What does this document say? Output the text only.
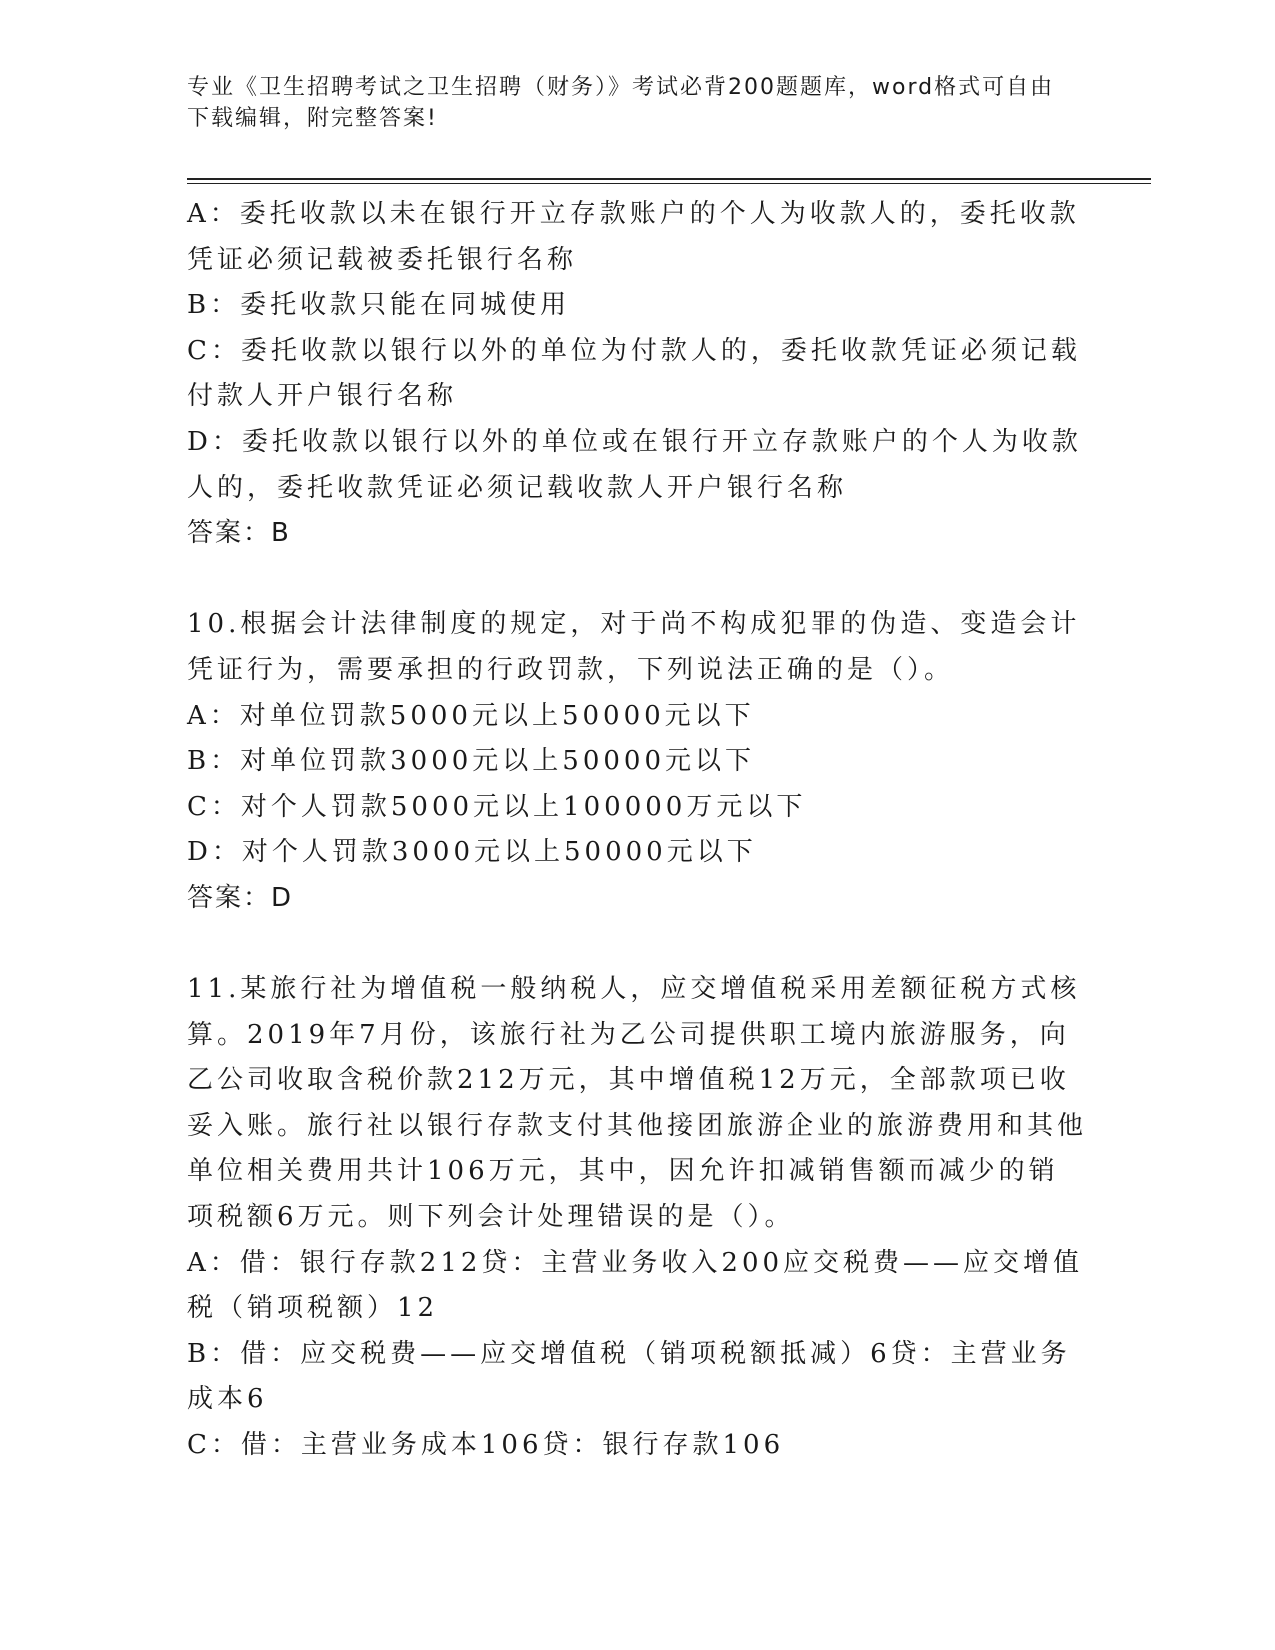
专业《卫生招聘考试之卫生招聘（财务）》考试必背200题题库，word格式可自由下载编辑，附完整答案!

A：委托收款以未在银行开立存款账户的个人为收款人的，委托收款凭证必须记载被委托银行名称

B：委托收款只能在同城使用

C：委托收款以银行以外的单位为付款人的，委托收款凭证必须记载付款人开户银行名称

D：委托收款以银行以外的单位或在银行开立存款账户的个人为收款人的，委托收款凭证必须记载收款人开户银行名称

答案：B

10.根据会计法律制度的规定，对于尚不构成犯罪的伪造、变造会计凭证行为，需要承担的行政罚款，下列说法正确的是（）。

A：对单位罚款5000元以上50000元以下

B：对单位罚款3000元以上50000元以下

C：对个人罚款5000元以上100000万元以下

D：对个人罚款3000元以上50000元以下

答案：D

11.某旅行社为增值税一般纳税人，应交增值税采用差额征税方式核算。2019年7月份，该旅行社为乙公司提供职工境内旅游服务，向乙公司收取含税价款212万元，其中增值税12万元，全部款项已收妥入账。旅行社以银行存款支付其他接团旅游企业的旅游费用和其他单位相关费用共计106万元，其中，因允许扣减销售额而减少的销项税额6万元。则下列会计处理错误的是（）。

A：借：银行存款212贷：主营业务收入200应交税费——应交增值税（销项税额）12

B：借：应交税费——应交增值税（销项税额抵减）6贷：主营业务成本6

C：借：主营业务成本106贷：银行存款106
